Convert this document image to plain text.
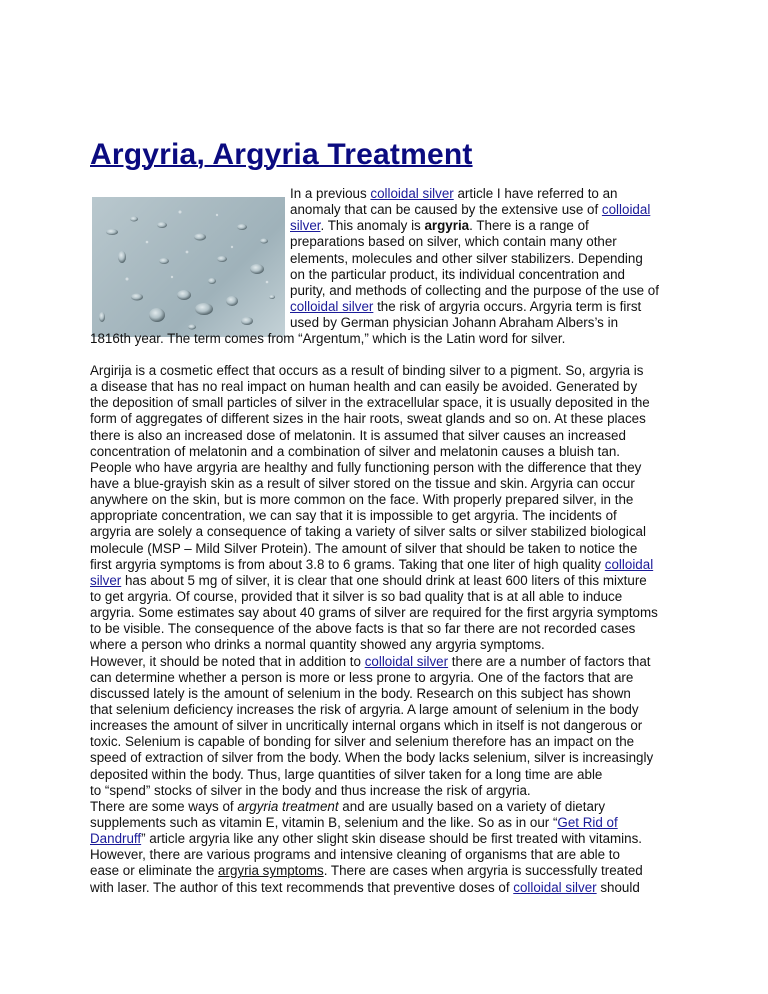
Argyria, Argyria Treatment
In a previous colloidal silver article I have referred to an
anomaly that can be caused by the extensive use of colloidal
silver. This anomaly is argyria. There is a range of
preparations based on silver, which contain many other
elements, molecules and other silver stabilizers. Depending
on the particular product, its individual concentration and
purity, and methods of collecting and the purpose of the use of
colloidal silver the risk of argyria occurs. Argyria term is first
used by German physician Johann Abraham Albers’s in
1816th year. The term comes from “Argentum,” which is the Latin word for silver.
Argirija is a cosmetic effect that occurs as a result of binding silver to a pigment. So, argyria is
a disease that has no real impact on human health and can easily be avoided. Generated by
the deposition of small particles of silver in the extracellular space, it is usually deposited in the
form of aggregates of different sizes in the hair roots, sweat glands and so on. At these places
there is also an increased dose of melatonin. It is assumed that silver causes an increased
concentration of melatonin and a combination of silver and melatonin causes a bluish tan.
People who have argyria are healthy and fully functioning person with the difference that they
have a blue-grayish skin as a result of silver stored on the tissue and skin. Argyria can occur
anywhere on the skin, but is more common on the face. With properly prepared silver, in the
appropriate concentration, we can say that it is impossible to get argyria. The incidents of
argyria are solely a consequence of taking a variety of silver salts or silver stabilized biological
molecule (MSP – Mild Silver Protein). The amount of silver that should be taken to notice the
first argyria symptoms is from about 3.8 to 6 grams. Taking that one liter of high quality colloidal
silver has about 5 mg of silver, it is clear that one should drink at least 600 liters of this mixture
to get argyria. Of course, provided that it silver is so bad quality that is at all able to induce
argyria. Some estimates say about 40 grams of silver are required for the first argyria symptoms
to be visible. The consequence of the above facts is that so far there are not recorded cases
where a person who drinks a normal quantity showed any argyria symptoms.
However, it should be noted that in addition to colloidal silver there are a number of factors that
can determine whether a person is more or less prone to argyria. One of the factors that are
discussed lately is the amount of selenium in the body. Research on this subject has shown
that selenium deficiency increases the risk of argyria. A large amount of selenium in the body
increases the amount of silver in uncritically internal organs which in itself is not dangerous or
toxic. Selenium is capable of bonding for silver and selenium therefore has an impact on the
speed of extraction of silver from the body. When the body lacks selenium, silver is increasingly
deposited within the body. Thus, large quantities of silver taken for a long time are able
to “spend” stocks of silver in the body and thus increase the risk of argyria.
There are some ways of argyria treatment and are usually based on a variety of dietary
supplements such as vitamin E, vitamin B, selenium and the like. So as in our “Get Rid of
Dandruff” article argyria like any other slight skin disease should be first treated with vitamins.
However, there are various programs and intensive cleaning of organisms that are able to
ease or eliminate the argyria symptoms. There are cases when argyria is successfully treated
with laser. The author of this text recommends that preventive doses of colloidal silver should
